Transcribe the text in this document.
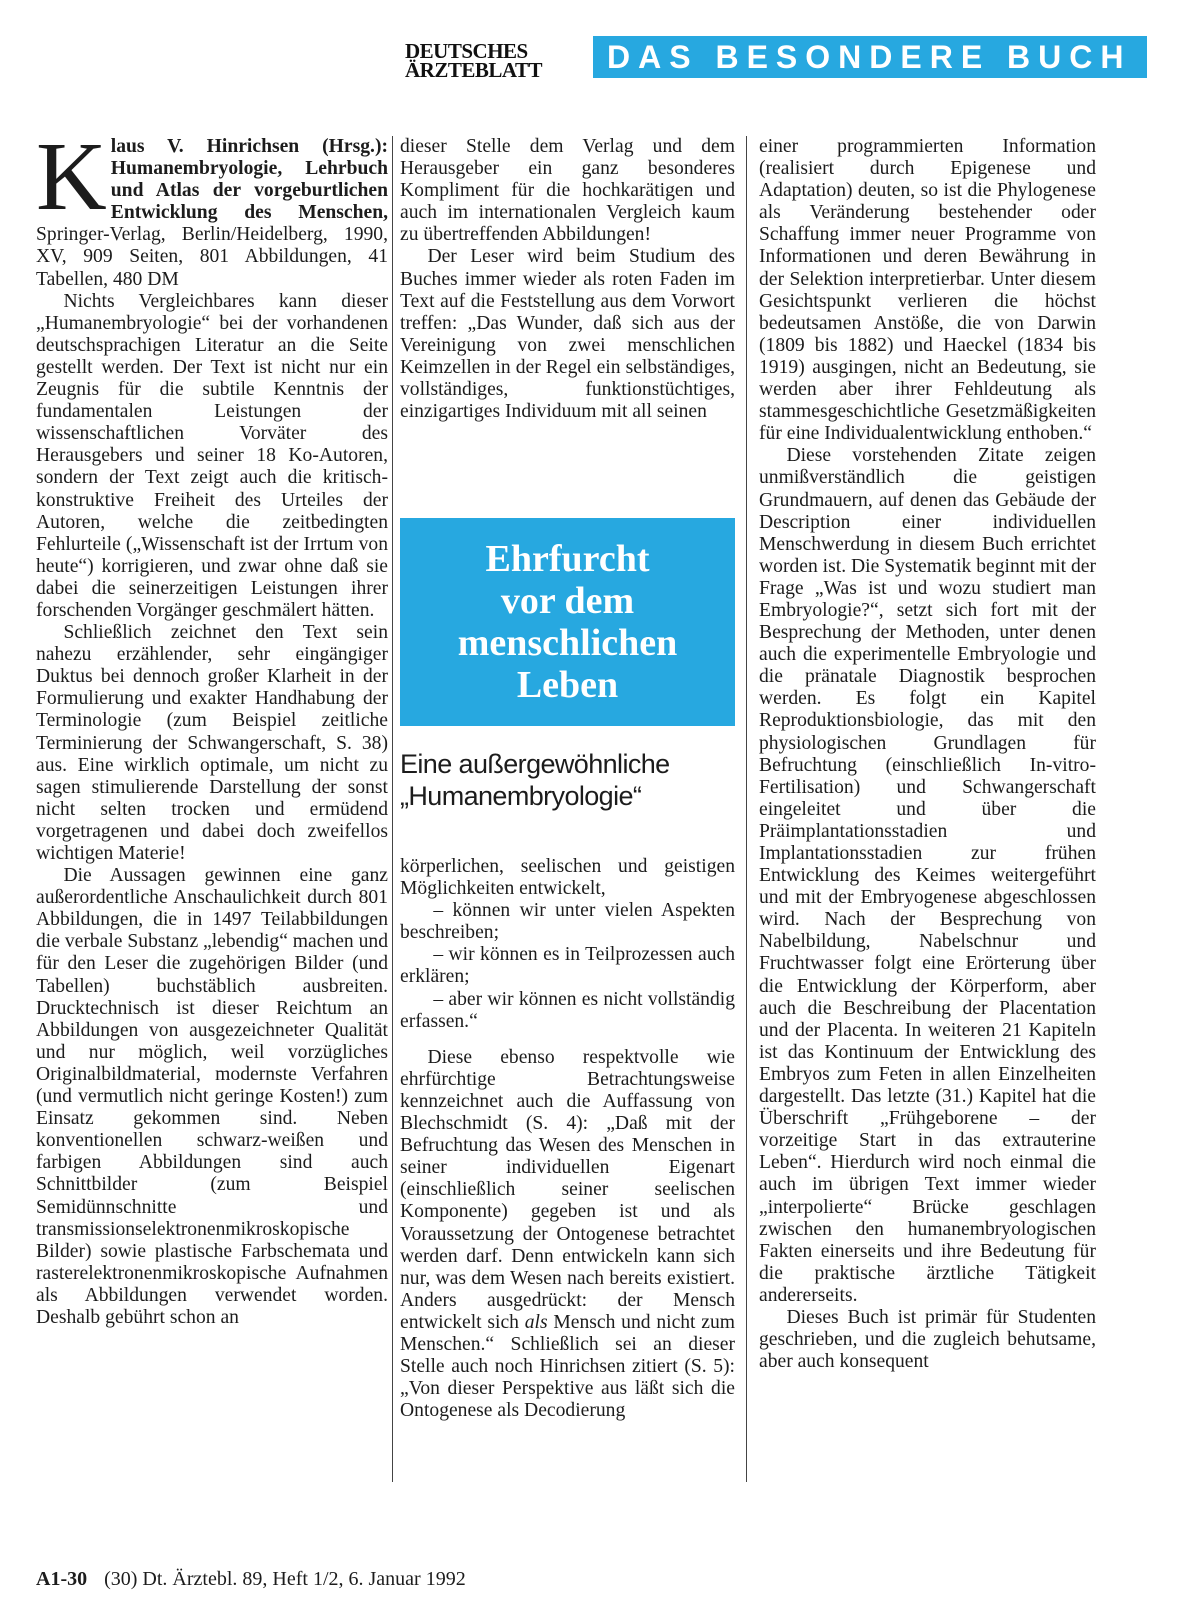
DEUTSCHES
ÄRZTEBLATT	DAS BESONDERE BUCH

Klaus V. Hinrichsen (Hrsg.): Humanembryologie, Lehrbuch und Atlas der vorgeburtlichen Entwicklung des Menschen, Springer-Verlag, Berlin/Heidelberg, 1990, XV, 909 Seiten, 801 Abbildungen, 41 Tabellen, 480 DM

Nichts Vergleichbares kann dieser „Humanembryologie“ bei der vorhandenen deutschsprachigen Literatur an die Seite gestellt werden. Der Text ist nicht nur ein Zeugnis für die subtile Kenntnis der fundamentalen Leistungen der wissenschaftlichen Vorväter des Herausgebers und seiner 18 Ko-Autoren, sondern der Text zeigt auch die kritisch-konstruktive Freiheit des Urteiles der Autoren, welche die zeitbedingten Fehlurteile („Wissenschaft ist der Irrtum von heute“) korrigieren, und zwar ohne daß sie dabei die seinerzeitigen Leistungen ihrer forschenden Vorgänger geschmälert hätten.

Schließlich zeichnet den Text sein nahezu erzählender, sehr eingängiger Duktus bei dennoch großer Klarheit in der Formulierung und exakter Handhabung der Terminologie (zum Beispiel zeitliche Terminierung der Schwangerschaft, S. 38) aus. Eine wirklich optimale, um nicht zu sagen stimulierende Darstellung der sonst nicht selten trocken und ermüdend vorgetragenen und dabei doch zweifellos wichtigen Materie!

Die Aussagen gewinnen eine ganz außerordentliche Anschaulichkeit durch 801 Abbildungen, die in 1497 Teilabbildungen die verbale Substanz „lebendig“ machen und für den Leser die zugehörigen Bilder (und Tabellen) buchstäblich ausbreiten. Drucktechnisch ist dieser Reichtum an Abbildungen von ausgezeichneter Qualität und nur möglich, weil vorzügliches Originalbildmaterial, modernste Verfahren (und vermutlich nicht geringe Kosten!) zum Einsatz gekommen sind. Neben konventionellen schwarz-weißen und farbigen Abbildungen sind auch Schnittbilder (zum Beispiel Semidünnschnitte und transmissionselektronenmikroskopische Bilder) sowie plastische Farbschemata und rasterelektronenmikroskopische Aufnahmen als Abbildungen verwendet worden. Deshalb gebührt schon an

dieser Stelle dem Verlag und dem Herausgeber ein ganz besonderes Kompliment für die hochkarätigen und auch im internationalen Vergleich kaum zu übertreffenden Abbildungen!

Der Leser wird beim Studium des Buches immer wieder als roten Faden im Text auf die Feststellung aus dem Vorwort treffen: „Das Wunder, daß sich aus der Vereinigung von zwei menschlichen Keimzellen in der Regel ein selbständiges, vollständiges, funktionstüchtiges, einzigartiges Individuum mit all seinen

Ehrfurcht
vor dem
menschlichen
Leben
Eine außergewöhnliche
„Humanembryologie“

körperlichen, seelischen und geistigen Möglichkeiten entwickelt,

– können wir unter vielen Aspekten beschreiben;

– wir können es in Teilprozessen auch erklären;

– aber wir können es nicht vollständig erfassen.“

Diese ebenso respektvolle wie ehrfürchtige Betrachtungsweise kennzeichnet auch die Auffassung von Blechschmidt (S. 4): „Daß mit der Befruchtung das Wesen des Menschen in seiner individuellen Eigenart (einschließlich seiner seelischen Komponente) gegeben ist und als Voraussetzung der Ontogenese betrachtet werden darf. Denn entwickeln kann sich nur, was dem Wesen nach bereits existiert. Anders ausgedrückt: der Mensch entwickelt sich als Mensch und nicht zum Menschen.“ Schließlich sei an dieser Stelle auch noch Hinrichsen zitiert (S. 5): „Von dieser Perspektive aus läßt sich die Ontogenese als Decodierung

einer programmierten Information (realisiert durch Epigenese und Adaptation) deuten, so ist die Phylogenese als Veränderung bestehender oder Schaffung immer neuer Programme von Informationen und deren Bewährung in der Selektion interpretierbar. Unter diesem Gesichtspunkt verlieren die höchst bedeutsamen Anstöße, die von Darwin (1809 bis 1882) und Haeckel (1834 bis 1919) ausgingen, nicht an Bedeutung, sie werden aber ihrer Fehldeutung als stammesgeschichtliche Gesetzmäßigkeiten für eine Individualentwicklung enthoben.“

Diese vorstehenden Zitate zeigen unmißverständlich die geistigen Grundmauern, auf denen das Gebäude der Description einer individuellen Menschwerdung in diesem Buch errichtet worden ist. Die Systematik beginnt mit der Frage „Was ist und wozu studiert man Embryologie?“, setzt sich fort mit der Besprechung der Methoden, unter denen auch die experimentelle Embryologie und die pränatale Diagnostik besprochen werden. Es folgt ein Kapitel Reproduktionsbiologie, das mit den physiologischen Grundlagen für Befruchtung (einschließlich In-vitro-Fertilisation) und Schwangerschaft eingeleitet und über die Präimplantationsstadien und Implantationsstadien zur frühen Entwicklung des Keimes weitergeführt und mit der Embryogenese abgeschlossen wird. Nach der Besprechung von Nabelbildung, Nabelschnur und Fruchtwasser folgt eine Erörterung über die Entwicklung der Körperform, aber auch die Beschreibung der Placentation und der Placenta. In weiteren 21 Kapiteln ist das Kontinuum der Entwicklung des Embryos zum Feten in allen Einzelheiten dargestellt. Das letzte (31.) Kapitel hat die Überschrift „Frühgeborene – der vorzeitige Start in das extrauterine Leben“. Hierdurch wird noch einmal die auch im übrigen Text immer wieder „interpolierte“ Brücke geschlagen zwischen den humanembryologischen Fakten einerseits und ihre Bedeutung für die praktische ärztliche Tätigkeit andererseits.

Dieses Buch ist primär für Studenten geschrieben, und die zugleich behutsame, aber auch konsequent

A1-30 (30) Dt. Ärztebl. 89, Heft 1/2, 6. Januar 1992
